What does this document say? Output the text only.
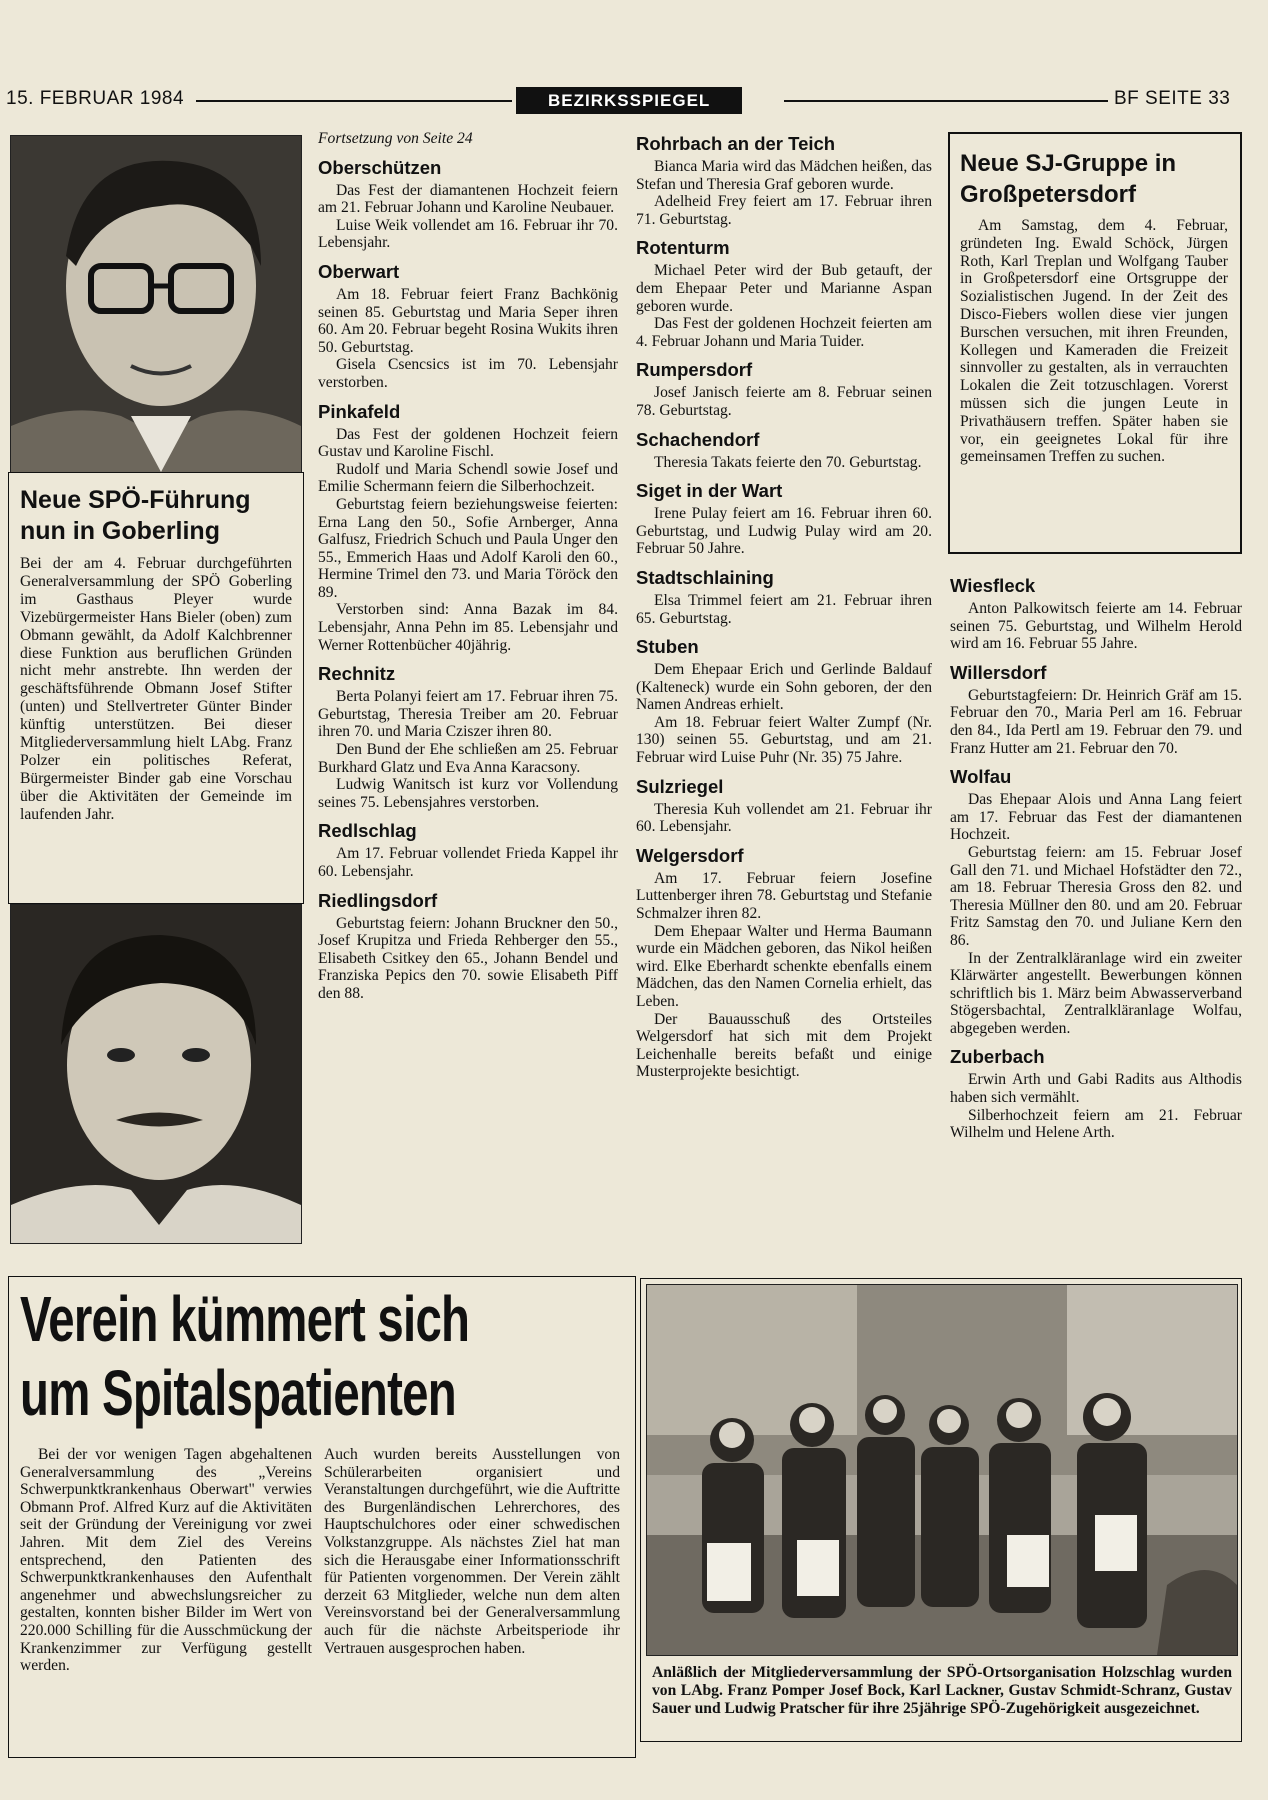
15. FEBRUAR 1984	BEZIRKSSPIEGEL	BF SEITE 33
Neue SPÖ-Führung
nun in Goberling

Bei der am 4. Februar durchgeführten Generalversammlung der SPÖ Goberling im Gasthaus Pleyer wurde Vizebürgermeister Hans Bieler (oben) zum Obmann gewählt, da Adolf Kalchbrenner diese Funktion aus beruflichen Gründen nicht mehr anstrebte. Ihn werden der geschäftsführende Obmann Josef Stifter (unten) und Stellvertreter Günter Binder künftig unterstützen. Bei dieser Mitgliederversammlung hielt LAbg. Franz Polzer ein politisches Referat, Bürgermeister Binder gab eine Vorschau über die Aktivitäten der Gemeinde im laufenden Jahr.

Fortsetzung von Seite 24
Oberschützen

Das Fest der diamantenen Hochzeit feiern am 21. Februar Johann und Karoline Neubauer.

Luise Weik vollendet am 16. Februar ihr 70. Lebensjahr.

Oberwart

Am 18. Februar feiert Franz Bachkönig seinen 85. Geburtstag und Maria Seper ihren 60. Am 20. Februar begeht Rosina Wukits ihren 50. Geburtstag.

Gisela Csencsics ist im 70. Lebensjahr verstorben.

Pinkafeld

Das Fest der goldenen Hochzeit feiern Gustav und Karoline Fischl.

Rudolf und Maria Schendl sowie Josef und Emilie Schermann feiern die Silberhochzeit.

Geburtstag feiern beziehungsweise feierten: Erna Lang den 50., Sofie Arnberger, Anna Galfusz, Friedrich Schuch und Paula Unger den 55., Emmerich Haas und Adolf Karoli den 60., Hermine Trimel den 73. und Maria Töröck den 89.

Verstorben sind: Anna Bazak im 84. Lebensjahr, Anna Pehn im 85. Lebensjahr und Werner Rottenbücher 40jährig.

Rechnitz

Berta Polanyi feiert am 17. Februar ihren 75. Geburtstag, Theresia Treiber am 20. Februar ihren 70. und Maria Cziszer ihren 80.

Den Bund der Ehe schließen am 25. Februar Burkhard Glatz und Eva Anna Karacsony.

Ludwig Wanitsch ist kurz vor Vollendung seines 75. Lebensjahres verstorben.

Redlschlag

Am 17. Februar vollendet Frieda Kappel ihr 60. Lebensjahr.

Riedlingsdorf

Geburtstag feiern: Johann Bruckner den 50., Josef Krupitza und Frieda Rehberger den 55., Elisabeth Csitkey den 65., Johann Bendel und Franziska Pepics den 70. sowie Elisabeth Piff den 88.

Rohrbach an der Teich

Bianca Maria wird das Mädchen heißen, das Stefan und Theresia Graf geboren wurde.

Adelheid Frey feiert am 17. Februar ihren 71. Geburtstag.

Rotenturm

Michael Peter wird der Bub getauft, der dem Ehepaar Peter und Marianne Aspan geboren wurde.

Das Fest der goldenen Hochzeit feierten am 4. Februar Johann und Maria Tuider.

Rumpersdorf

Josef Janisch feierte am 8. Februar seinen 78. Geburtstag.

Schachendorf

Theresia Takats feierte den 70. Geburtstag.

Siget in der Wart

Irene Pulay feiert am 16. Februar ihren 60. Geburtstag, und Ludwig Pulay wird am 20. Februar 50 Jahre.

Stadtschlaining

Elsa Trimmel feiert am 21. Februar ihren 65. Geburtstag.

Stuben

Dem Ehepaar Erich und Gerlinde Baldauf (Kalteneck) wurde ein Sohn geboren, der den Namen Andreas erhielt.

Am 18. Februar feiert Walter Zumpf (Nr. 130) seinen 55. Geburtstag, und am 21. Februar wird Luise Puhr (Nr. 35) 75 Jahre.

Sulzriegel

Theresia Kuh vollendet am 21. Februar ihr 60. Lebensjahr.

Welgersdorf

Am 17. Februar feiern Josefine Luttenberger ihren 78. Geburtstag und Stefanie Schmalzer ihren 82.

Dem Ehepaar Walter und Herma Baumann wurde ein Mädchen geboren, das Nikol heißen wird. Elke Eberhardt schenkte ebenfalls einem Mädchen, das den Namen Cornelia erhielt, das Leben.

Der Bauausschuß des Ortsteiles Welgersdorf hat sich mit dem Projekt Leichenhalle bereits befaßt und einige Musterprojekte besichtigt.

Neue SJ-Gruppe in
Großpetersdorf

Am Samstag, dem 4. Februar, gründeten Ing. Ewald Schöck, Jürgen Roth, Karl Treplan und Wolfgang Tauber in Großpetersdorf eine Ortsgruppe der Sozialistischen Jugend. In der Zeit des Disco-Fiebers wollen diese vier jungen Burschen versuchen, mit ihren Freunden, Kollegen und Kameraden die Freizeit sinnvoller zu gestalten, als in verrauchten Lokalen die Zeit totzuschlagen. Vorerst müssen sich die jungen Leute in Privathäusern treffen. Später haben sie vor, ein geeignetes Lokal für ihre gemeinsamen Treffen zu suchen.

Wiesfleck

Anton Palkowitsch feierte am 14. Februar seinen 75. Geburtstag, und Wilhelm Herold wird am 16. Februar 55 Jahre.

Willersdorf

Geburtstagfeiern: Dr. Heinrich Gräf am 15. Februar den 70., Maria Perl am 16. Februar den 84., Ida Pertl am 19. Februar den 79. und Franz Hutter am 21. Februar den 70.

Wolfau

Das Ehepaar Alois und Anna Lang feiert am 17. Februar das Fest der diamantenen Hochzeit.

Geburtstag feiern: am 15. Februar Josef Gall den 71. und Michael Hofstädter den 72., am 18. Februar Theresia Gross den 82. und Theresia Müllner den 80. und am 20. Februar Fritz Samstag den 70. und Juliane Kern den 86.

In der Zentralkläranlage wird ein zweiter Klärwärter angestellt. Bewerbungen können schriftlich bis 1. März beim Abwasserverband Stögersbachtal, Zentralkläranlage Wolfau, abgegeben werden.

Zuberbach

Erwin Arth und Gabi Radits aus Althodis haben sich vermählt.

Silberhochzeit feiern am 21. Februar Wilhelm und Helene Arth.

Verein kümmert sich
um Spitalspatienten

Bei der vor wenigen Tagen abgehaltenen Generalversammlung des „Vereins Schwerpunktkrankenhaus Oberwart" verwies Obmann Prof. Alfred Kurz auf die Aktivitäten seit der Gründung der Vereinigung vor zwei Jahren. Mit dem Ziel des Vereins entsprechend, den Patienten des Schwerpunktkrankenhauses den Aufenthalt angenehmer und abwechslungsreicher zu gestalten, konnten bisher Bilder im Wert von 220.000 Schilling für die Ausschmückung der Krankenzimmer zur Verfügung gestellt werden.

Auch wurden bereits Ausstellungen von Schülerarbeiten organisiert und Veranstaltungen durchgeführt, wie die Auftritte des Burgenländischen Lehrerchores, des Hauptschulchores oder einer schwedischen Volkstanzgruppe. Als nächstes Ziel hat man sich die Herausgabe einer Informationsschrift für Patienten vorgenommen. Der Verein zählt derzeit 63 Mitglieder, welche nun dem alten Vereinsvorstand bei der Generalversammlung auch für die nächste Arbeitsperiode ihr Vertrauen ausgesprochen haben.

Anläßlich der Mitgliederversammlung der SPÖ-Ortsorganisation Holzschlag wurden von LAbg. Franz Pomper Josef Bock, Karl Lackner, Gustav Schmidt-Schranz, Gustav Sauer und Ludwig Pratscher für ihre 25jährige SPÖ-Zugehörigkeit ausgezeichnet.
